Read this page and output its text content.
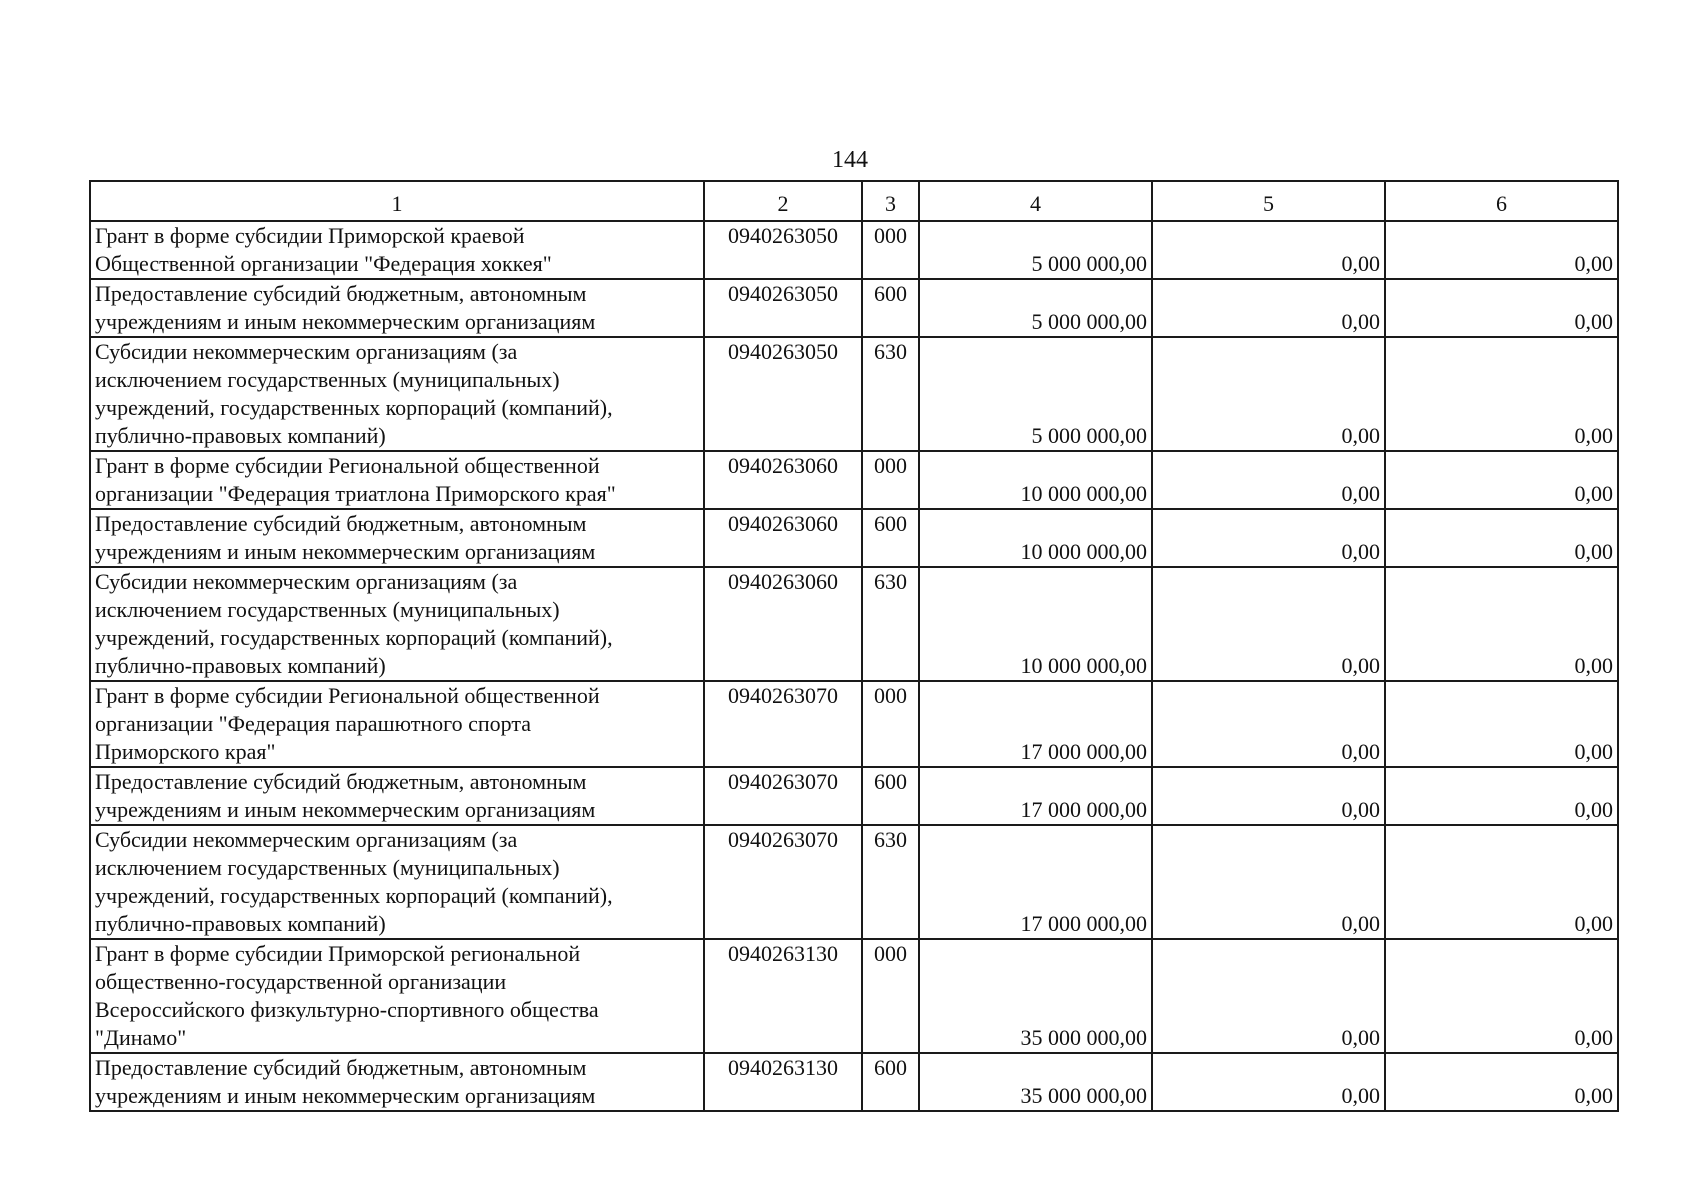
144
1	2	3	4	5	6
Грант в форме субсидии Приморской краевой
Общественной организации "Федерация хоккея"	0940263050	000	5 000 000,00	0,00	0,00
Предоставление субсидий бюджетным, автономным
учреждениям и иным некоммерческим организациям	0940263050	600	5 000 000,00	0,00	0,00
Субсидии некоммерческим организациям (за
исключением государственных (муниципальных)
учреждений, государственных корпораций (компаний),
публично-правовых компаний)	0940263050	630	5 000 000,00	0,00	0,00
Грант в форме субсидии Региональной общественной
организации "Федерация триатлона Приморского края"	0940263060	000	10 000 000,00	0,00	0,00
Предоставление субсидий бюджетным, автономным
учреждениям и иным некоммерческим организациям	0940263060	600	10 000 000,00	0,00	0,00
Субсидии некоммерческим организациям (за
исключением государственных (муниципальных)
учреждений, государственных корпораций (компаний),
публично-правовых компаний)	0940263060	630	10 000 000,00	0,00	0,00
Грант в форме субсидии Региональной общественной
организации "Федерация парашютного спорта
Приморского края"	0940263070	000	17 000 000,00	0,00	0,00
Предоставление субсидий бюджетным, автономным
учреждениям и иным некоммерческим организациям	0940263070	600	17 000 000,00	0,00	0,00
Субсидии некоммерческим организациям (за
исключением государственных (муниципальных)
учреждений, государственных корпораций (компаний),
публично-правовых компаний)	0940263070	630	17 000 000,00	0,00	0,00
Грант в форме субсидии Приморской региональной
общественно-государственной организации
Всероссийского физкультурно-спортивного общества
"Динамо"	0940263130	000	35 000 000,00	0,00	0,00
Предоставление субсидий бюджетным, автономным
учреждениям и иным некоммерческим организациям	0940263130	600	35 000 000,00	0,00	0,00
